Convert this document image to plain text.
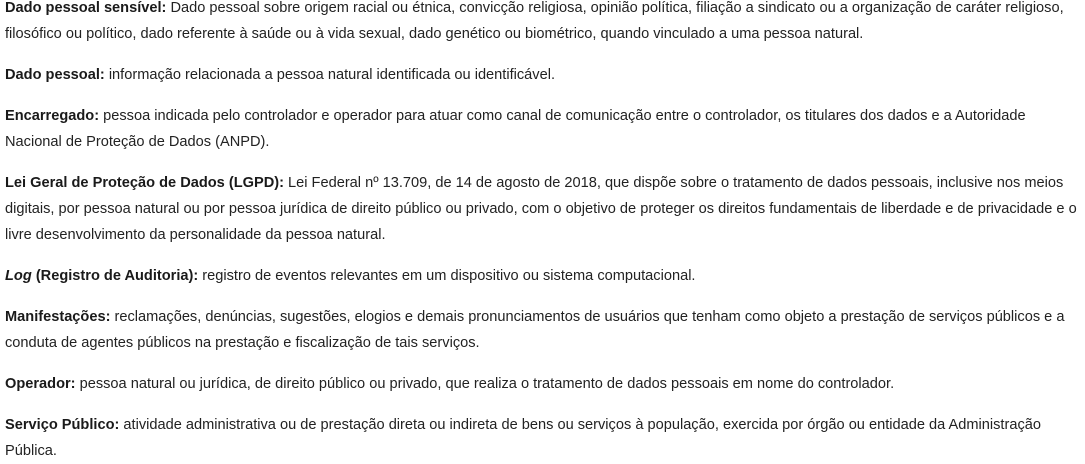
Dado pessoal sensível: Dado pessoal sobre origem racial ou étnica, convicção religiosa, opinião política, filiação a sindicato ou a organização de caráter religioso, filosófico ou político, dado referente à saúde ou à vida sexual, dado genético ou biométrico, quando vinculado a uma pessoa natural.

Dado pessoal: informação relacionada a pessoa natural identificada ou identificável.

Encarregado: pessoa indicada pelo controlador e operador para atuar como canal de comunicação entre o controlador, os titulares dos dados e a Autoridade Nacional de Proteção de Dados (ANPD).

Lei Geral de Proteção de Dados (LGPD): Lei Federal nº 13.709, de 14 de agosto de 2018, que dispõe sobre o tratamento de dados pessoais, inclusive nos meios digitais, por pessoa natural ou por pessoa jurídica de direito público ou privado, com o objetivo de proteger os direitos fundamentais de liberdade e de privacidade e o livre desenvolvimento da personalidade da pessoa natural.

Log (Registro de Auditoria): registro de eventos relevantes em um dispositivo ou sistema computacional.

Manifestações: reclamações, denúncias, sugestões, elogios e demais pronunciamentos de usuários que tenham como objeto a prestação de serviços públicos e a conduta de agentes públicos na prestação e fiscalização de tais serviços.

Operador: pessoa natural ou jurídica, de direito público ou privado, que realiza o tratamento de dados pessoais em nome do controlador.

Serviço Público: atividade administrativa ou de prestação direta ou indireta de bens ou serviços à população, exercida por órgão ou entidade da Administração Pública.
